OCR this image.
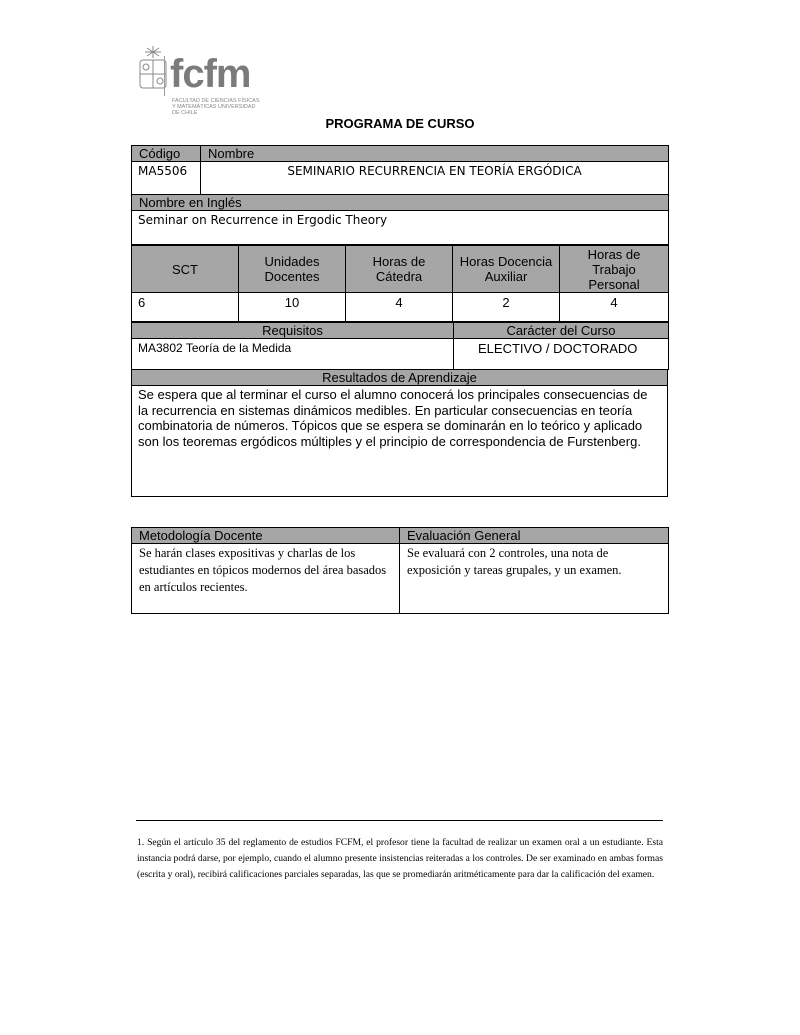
fcfm
FACULTAD DE CIENCIAS FÍSICAS Y MATEMÁTICAS UNIVERSIDAD DE CHILE
PROGRAMA DE CURSO
Código	Nombre
MA5506	SEMINARIO RECURRENCIA EN TEORÍA ERGÓDICA
Nombre en Inglés	
Seminar on Recurrence in Ergodic Theory	
SCT	Unidades Docentes	Horas de Cátedra	Horas Docencia Auxiliar	Horas de Trabajo Personal
6	10	4	2	4
Requisitos	Carácter del Curso
MA3802 Teoría de la Medida	ELECTIVO / DOCTORADO
Resultados de Aprendizaje
Se espera que al terminar el curso el alumno conocerá los principales consecuencias de la recurrencia en sistemas dinámicos medibles. En particular consecuencias en teoría combinatoria de números. Tópicos que se espera se dominarán en lo teórico y aplicado son los teoremas ergódicos múltiples y el principio de correspondencia de Furstenberg.
Metodología Docente	Evaluación General
Se harán clases expositivas y charlas de los estudiantes en tópicos modernos del área basados en artículos recientes.	Se evaluará con 2 controles, una nota de exposición y tareas grupales, y un examen.
1. Según el artículo 35 del reglamento de estudios FCFM, el profesor tiene la facultad de realizar un examen oral a un estudiante. Esta instancia podrá darse, por ejemplo, cuando el alumno presente insistencias reiteradas a los controles. De ser examinado en ambas formas (escrita y oral), recibirá calificaciones parciales separadas, las que se promediarán aritméticamente para dar la calificación del examen.
